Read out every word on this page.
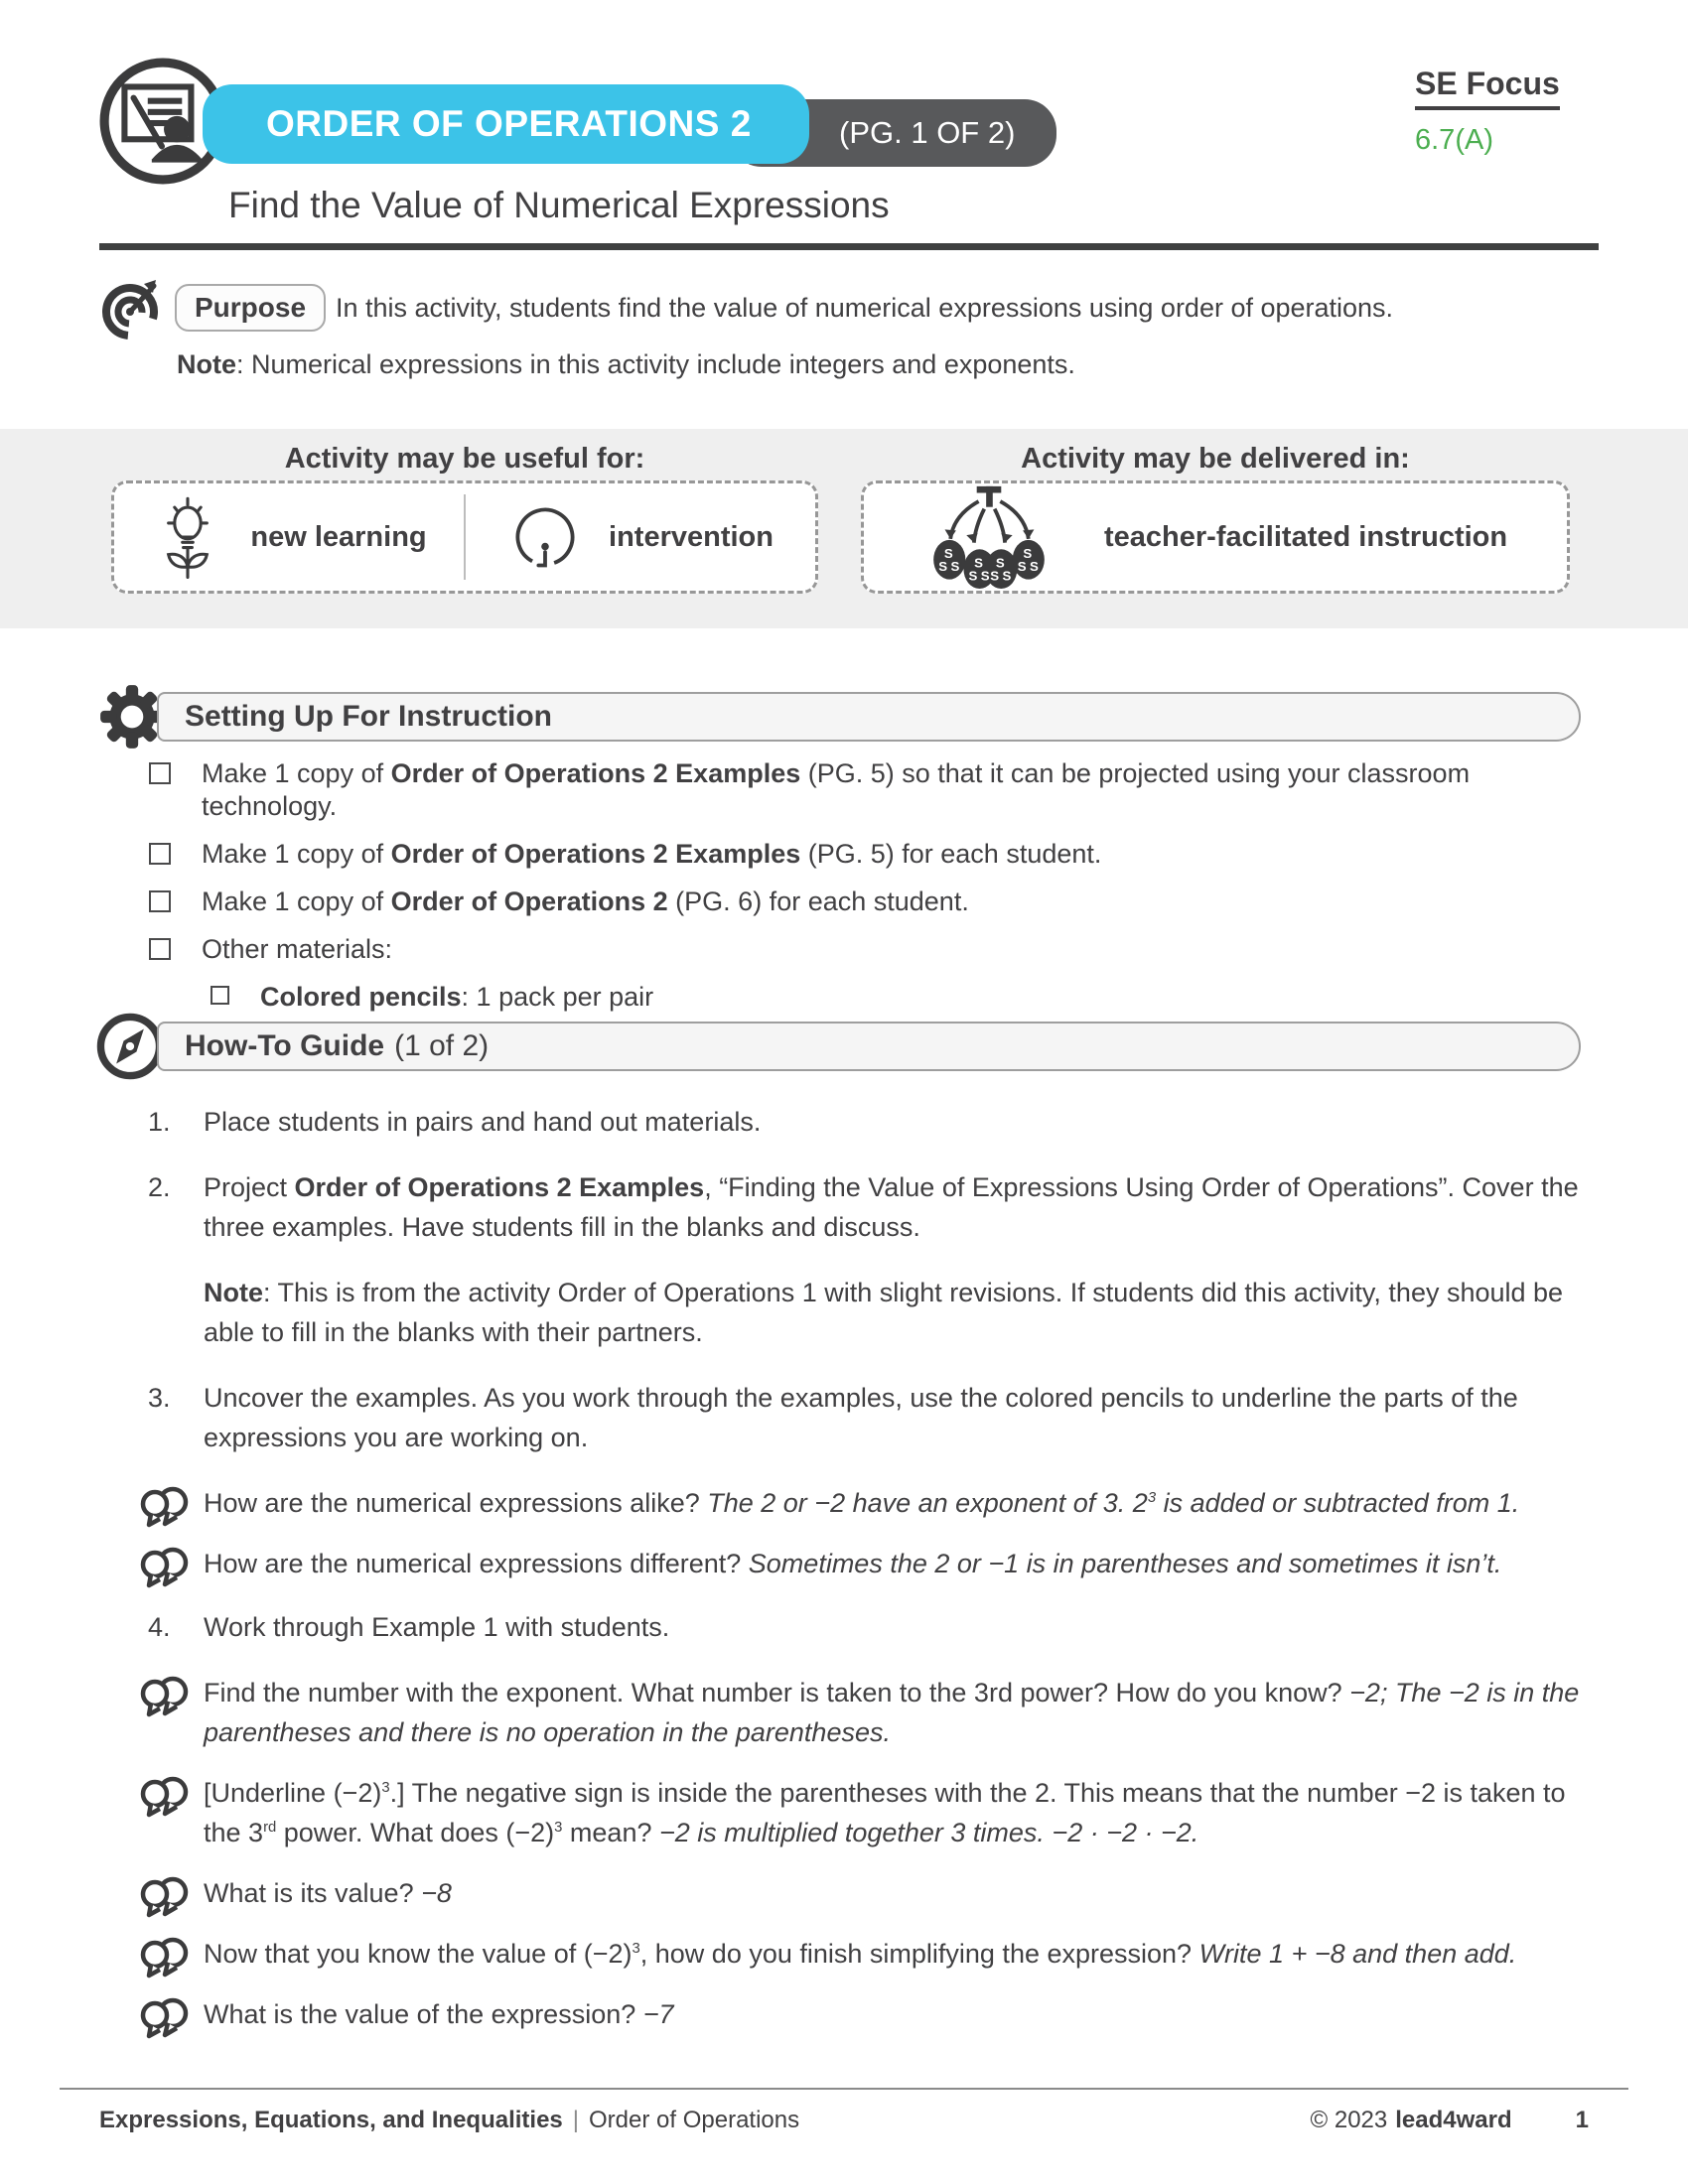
ORDER OF OPERATIONS 2	(PG. 1 OF 2)
SE Focus
6.7(A)
Find the Value of Numerical Expressions
Purpose	In this activity, students find the value of numerical expressions using order of operations.
Note: Numerical expressions in this activity include integers and exponents.
Activity may be useful for:
new learning	intervention
Activity may be delivered in:
S
S S S
S S
S
S S
S
S S
teacher-facilitated instruction
Setting Up For Instruction
Make 1 copy of Order of Operations 2 Examples (PG. 5) so that it can be projected using your classroom technology.
Make 1 copy of Order of Operations 2 Examples (PG. 5) for each student.
Make 1 copy of Order of Operations 2 (PG. 6) for each student.
Other materials:
Colored pencils: 1 pack per pair
How-To Guide (1 of 2)
1. Place students in pairs and hand out materials.
2. Project Order of Operations 2 Examples, “Finding the Value of Expressions Using Order of Operations”. Cover the three examples. Have students fill in the blanks and discuss.
Note: This is from the activity Order of Operations 1 with slight revisions. If students did this activity, they should be able to fill in the blanks with their partners.
3. Uncover the examples. As you work through the examples, use the colored pencils to underline the parts of the expressions you are working on.
How are the numerical expressions alike? The 2 or −2 have an exponent of 3. $2^3$ is added or subtracted from 1.
How are the numerical expressions different? Sometimes the 2 or −1 is in parentheses and sometimes it isn’t.
4. Work through Example 1 with students.
Find the number with the exponent. What number is taken to the 3rd power? How do you know? −2; The −2 is in the parentheses and there is no operation in the parentheses.
[Underline $(-2)^3$.] The negative sign is inside the parentheses with the 2. This means that the number −2 is taken to the 3rd power. What does $(-2)^3$ mean? −2 is multiplied together 3 times. −2 · −2 · −2.
What is its value? −8
Now that you know the value of $(-2)^3$, how do you finish simplifying the expression? Write 1 + −8 and then add.
What is the value of the expression? −7
Expressions, Equations, and Inequalities | Order of Operations	© 2023 lead4ward	1
